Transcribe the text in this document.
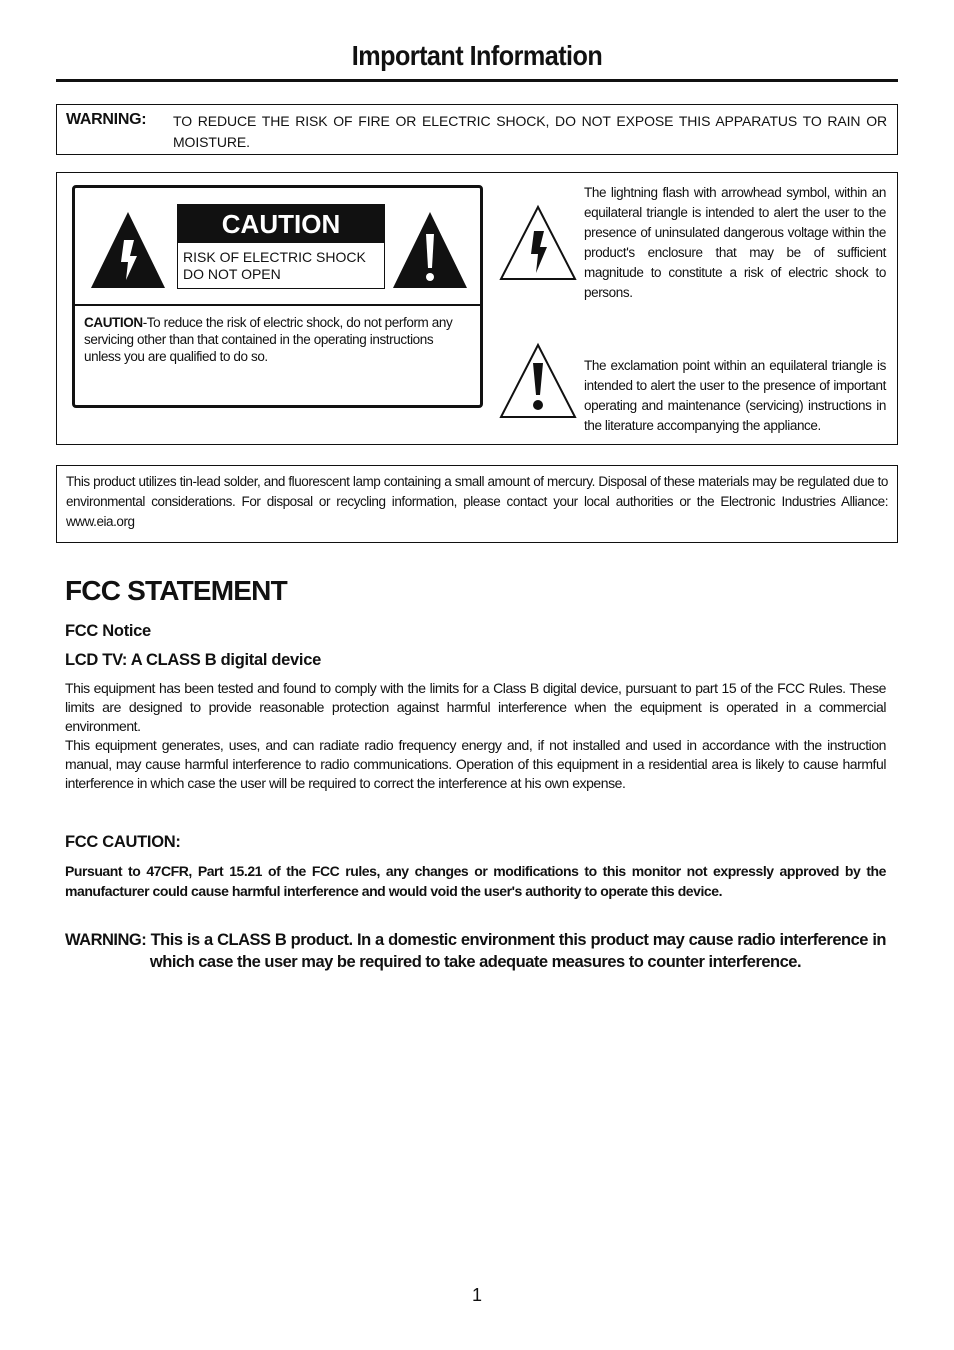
Important Information
WARNING: TO REDUCE THE RISK OF FIRE OR ELECTRIC SHOCK, DO NOT EXPOSE THIS APPARATUS TO RAIN OR MOISTURE.
CAUTION
RISK OF ELECTRIC SHOCK
DO NOT OPEN
CAUTION-To reduce the risk of electric shock, do not perform any servicing other than that contained in the operating instructions unless you are qualified to do so.
The lightning flash with arrowhead symbol, within an equilateral triangle is intended to alert the user to the presence of uninsulated dangerous voltage within the product's enclosure that may be of sufficient magnitude to constitute a risk of electric shock to persons.
The exclamation point within an equilateral triangle is intended to alert the user to the presence of important operating and maintenance (servicing) instructions in the literature accompanying the appliance.
This product utilizes tin-lead solder, and fluorescent lamp containing a small amount of mercury. Disposal of these materials may be regulated due to environmental considerations. For disposal or recycling information, please contact your local authorities or the Electronic Industries Alliance: www.eia.org
FCC STATEMENT
FCC Notice
LCD TV: A CLASS B digital device

This equipment has been tested and found to comply with the limits for a Class B digital device, pursuant to part 15 of the FCC Rules. These limits are designed to provide reasonable protection against harmful interference when the equipment is operated in a commercial environment.

This equipment generates, uses, and can radiate radio frequency energy and, if not installed and used in accordance with the instruction manual, may cause harmful interference to radio communications. Operation of this equipment in a residential area is likely to cause harmful interference in which case the user will be required to correct the interference at his own expense.

FCC CAUTION:
Pursuant to 47CFR, Part 15.21 of the FCC rules, any changes or modifications to this monitor not expressly approved by the manufacturer could cause harmful interference and would void the user's authority to operate this device.
WARNING: This is a CLASS B product. In a domestic environment this product may cause radio interference in
which case the user may be required to take adequate measures to counter interference.
1
